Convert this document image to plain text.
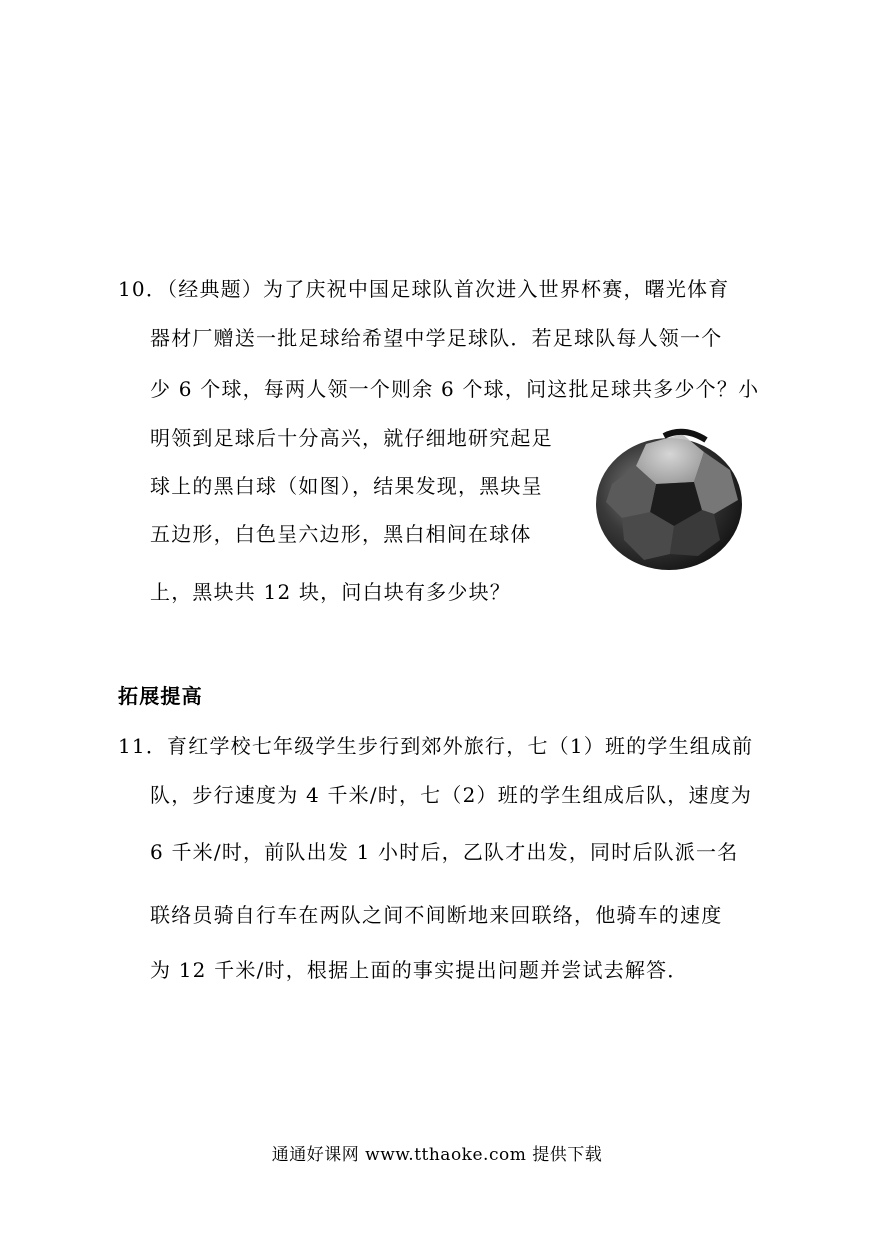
10．（经典题）为了庆祝中国足球队首次进入世界杯赛，曙光体育
器材厂赠送一批足球给希望中学足球队．若足球队每人领一个
少 6 个球，每两人领一个则余 6 个球，问这批足球共多少个？小
明领到足球后十分高兴，就仔细地研究起足
球上的黑白球（如图），结果发现，黑块呈
五边形，白色呈六边形，黑白相间在球体
上，黑块共 12 块，问白块有多少块？
拓展提高
11．育红学校七年级学生步行到郊外旅行，七（1）班的学生组成前
队，步行速度为 4 千米/时，七（2）班的学生组成后队，速度为
6 千米/时，前队出发 1 小时后，乙队才出发，同时后队派一名
联络员骑自行车在两队之间不间断地来回联络，他骑车的速度
为 12 千米/时，根据上面的事实提出问题并尝试去解答．
通通好课网 www.tthaoke.com 提供下载
